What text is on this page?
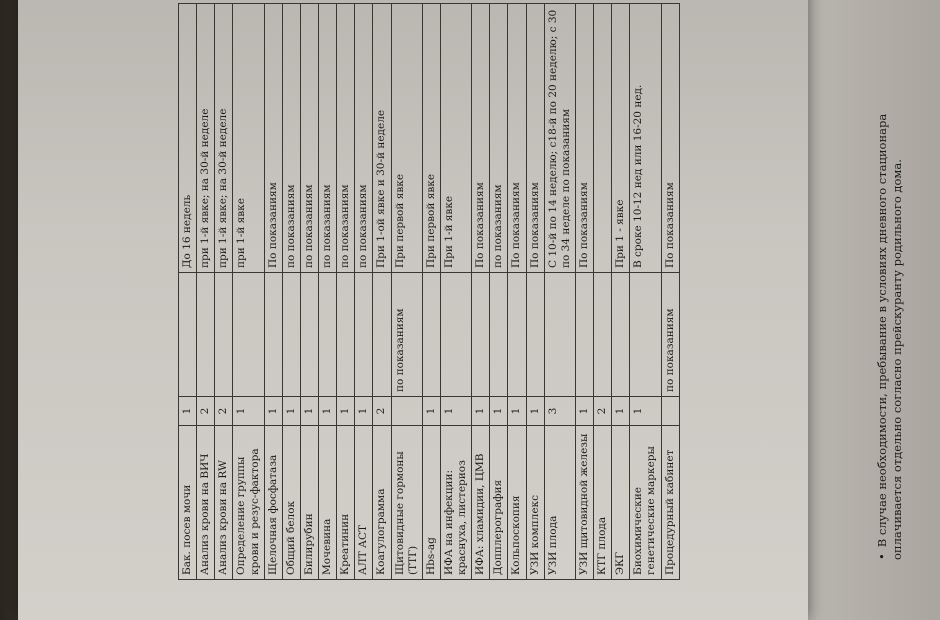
Бак. посев мочи	1		До 16 недель
Анализ крови на ВИЧ	2		при 1-й явке; на 30-й неделе
Анализ крови на RW	2		при 1-й явке; на 30-й неделе
Определение группы крови и резус-фактора	1		при 1-й явке
Щелочная фосфатаза	1		По показаниям
Общий белок	1		по показаниям
Билирубин	1		по показаниям
Мочевина	1		по показаниям
Креатинин	1		по показаниям
АЛТ АСТ	1		по показаниям
Коагулограмма	2		При 1-ой явке и 30-й неделе
Щитовидные гормоны (ТТГ)		по показаниям	При первой явке
Hbs-ag	1		При первой явке
ИФА на инфекции: краснуха, листериоз	1		При 1-й явке
ИФА: хламидии, ЦМВ	1		По показаниям
Допплерография	1		по показаниям
Кольпоскопия	1		По показаниям
УЗИ комплекс	1		По показаниям
УЗИ плода	3		С 10-й по 14 неделю; с18-й по 20 неделю; с 30 по 34 неделе по показаниям
УЗИ щитовидной железы	1		По показаниям
КТГ плода	2		
ЭКГ	1		При 1 - явке
Биохимические генетические маркеры	1		В сроке 10-12 нед или 16-20 нед.
Процедурный кабинет		по показаниям	По показаниям
•В случае необходимости, пребывание в условиях дневного стационара оплачивается отдельно согласно прейскуранту родильного дома.
